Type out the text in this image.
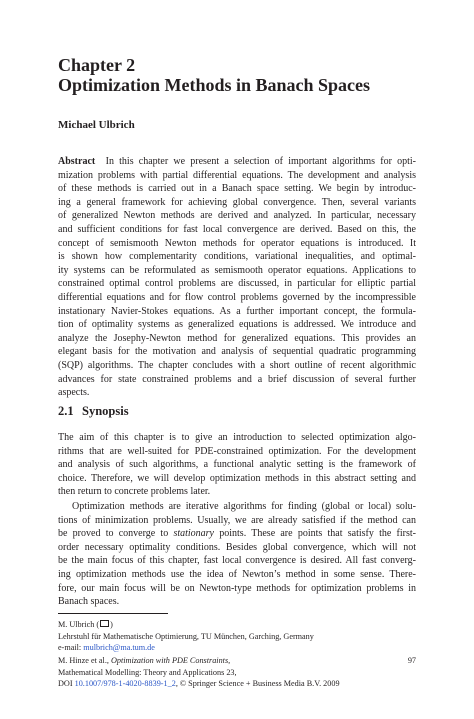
Chapter 2
Optimization Methods in Banach Spaces
Michael Ulbrich
Abstract In this chapter we present a selection of important algorithms for opti-
mization problems with partial differential equations. The development and analysis
of these methods is carried out in a Banach space setting. We begin by introduc-
ing a general framework for achieving global convergence. Then, several variants
of generalized Newton methods are derived and analyzed. In particular, necessary
and sufficient conditions for fast local convergence are derived. Based on this, the
concept of semismooth Newton methods for operator equations is introduced. It
is shown how complementarity conditions, variational inequalities, and optimal-
ity systems can be reformulated as semismooth operator equations. Applications to
constrained optimal control problems are discussed, in particular for elliptic partial
differential equations and for flow control problems governed by the incompressible
instationary Navier-Stokes equations. As a further important concept, the formula-
tion of optimality systems as generalized equations is addressed. We introduce and
analyze the Josephy-Newton method for generalized equations. This provides an
elegant basis for the motivation and analysis of sequential quadratic programming
(SQP) algorithms. The chapter concludes with a short outline of recent algorithmic
advances for state constrained problems and a brief discussion of several further
aspects.
2.1 Synopsis
The aim of this chapter is to give an introduction to selected optimization algo-
rithms that are well-suited for PDE-constrained optimization. For the development
and analysis of such algorithms, a functional analytic setting is the framework of
choice. Therefore, we will develop optimization methods in this abstract setting and
then return to concrete problems later.
Optimization methods are iterative algorithms for finding (global or local) solu-
tions of minimization problems. Usually, we are already satisfied if the method can
be proved to converge to stationary points. These are points that satisfy the first-
order necessary optimality conditions. Besides global convergence, which will not
be the main focus of this chapter, fast local convergence is desired. All fast converg-
ing optimization methods use the idea of Newton’s method in some sense. There-
fore, our main focus will be on Newton-type methods for optimization problems in
Banach spaces.
M. Ulbrich ( )
Lehrstuhl für Mathematische Optimierung, TU München, Garching, Germany
e-mail: mulbrich@ma.tum.de
M. Hinze et al., Optimization with PDE Constraints,
Mathematical Modelling: Theory and Applications 23,
DOI 10.1007/978-1-4020-8839-1_2, © Springer Science + Business Media B.V. 2009
97
